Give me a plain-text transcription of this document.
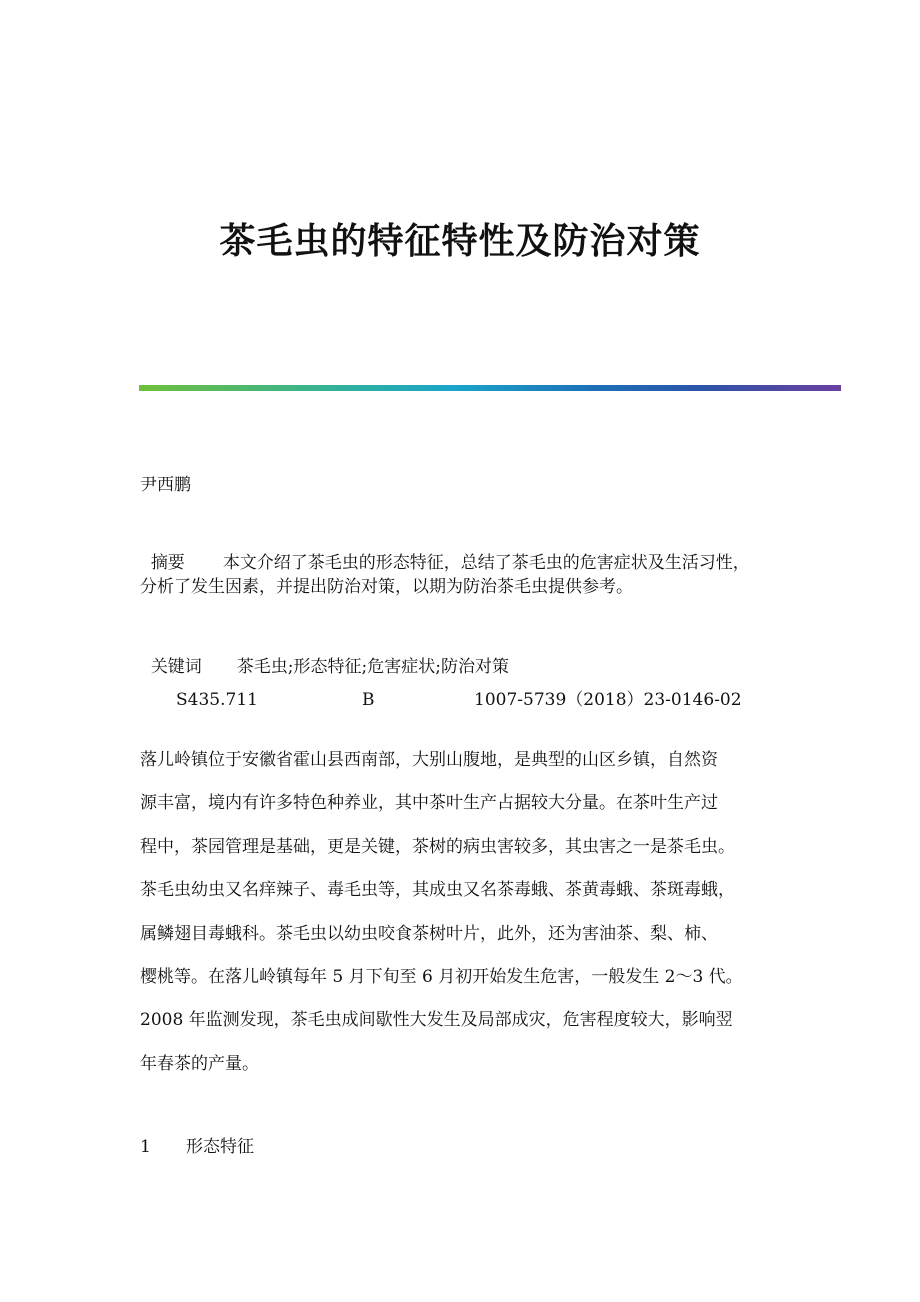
茶毛虫的特征特性及防治对策
尹西鹏

摘要 本文介绍了茶毛虫的形态特征，总结了茶毛虫的危害症状及生活习性，

分析了发生因素，并提出防治对策，以期为防治茶毛虫提供参考。

关键词 茶毛虫;形态特征;危害症状;防治对策

S435.711	B	1007-5739（2018）23-0146-02
落儿岭镇位于安徽省霍山县西南部，大别山腹地，是典型的山区乡镇，自然资
源丰富，境内有许多特色种养业，其中茶叶生产占据较大分量。在茶叶生产过
程中，茶园管理是基础，更是关键，茶树的病虫害较多，其虫害之一是茶毛虫。
茶毛虫幼虫又名痒辣子、毒毛虫等，其成虫又名茶毒蛾、茶黄毒蛾、茶斑毒蛾，
属鳞翅目毒蛾科。茶毛虫以幼虫咬食茶树叶片，此外，还为害油茶、梨、柿、
樱桃等。在落儿岭镇每年 5 月下旬至 6 月初开始发生危害，一般发生 2～3 代。
2008 年监测发现，茶毛虫成间歇性大发生及局部成灾，危害程度较大，影响翌
年春茶的产量。
1 形态特征
